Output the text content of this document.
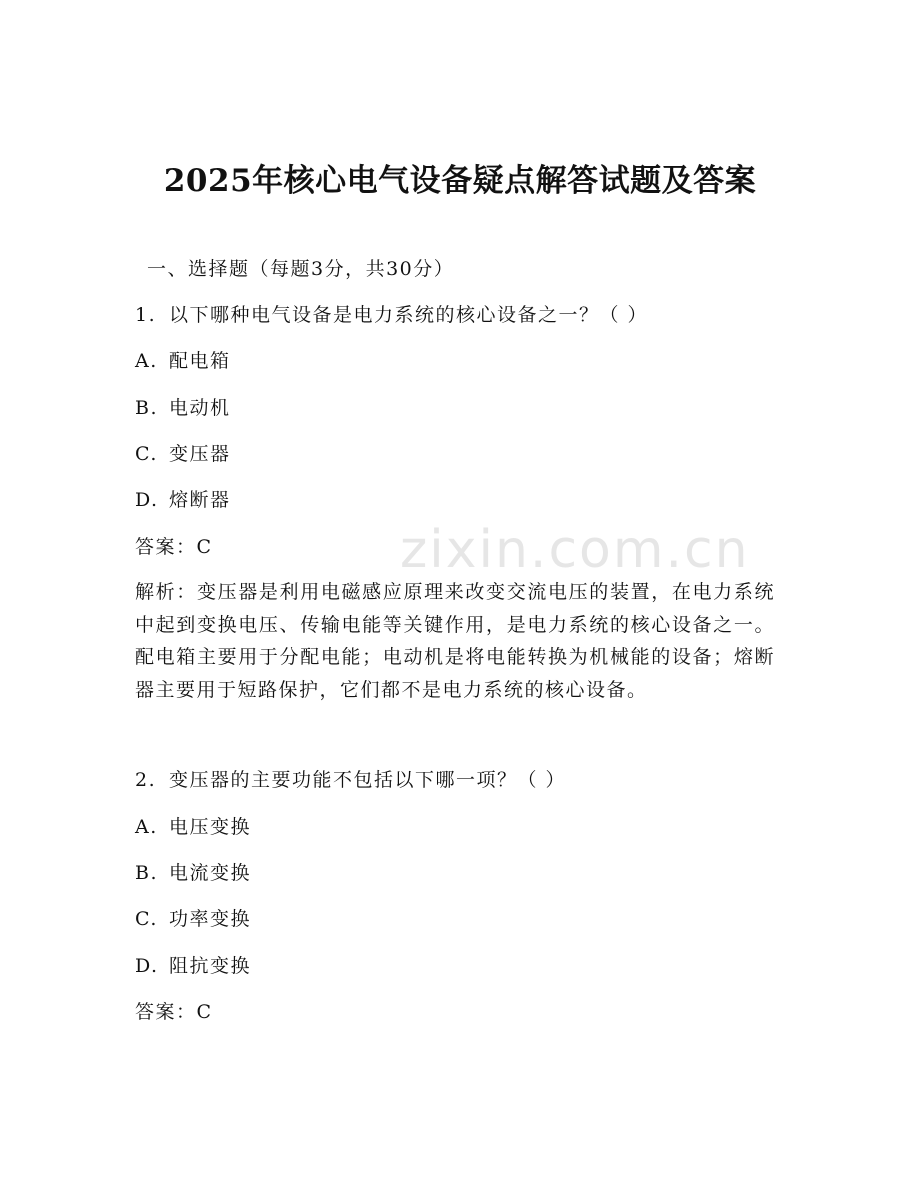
zixin.com.cn
2025年核心电气设备疑点解答试题及答案
一、选择题（每题3分，共30分）
1. 以下哪种电气设备是电力系统的核心设备之一？（ ）
A. 配电箱
B. 电动机
C. 变压器
D. 熔断器
答案：C
解析：变压器是利用电磁感应原理来改变交流电压的装置，在电力系统中起到变换电压、传输电能等关键作用，是电力系统的核心设备之一。配电箱主要用于分配电能；电动机是将电能转换为机械能的设备；熔断器主要用于短路保护，它们都不是电力系统的核心设备。
2. 变压器的主要功能不包括以下哪一项？（ ）
A. 电压变换
B. 电流变换
C. 功率变换
D. 阻抗变换
答案：C
